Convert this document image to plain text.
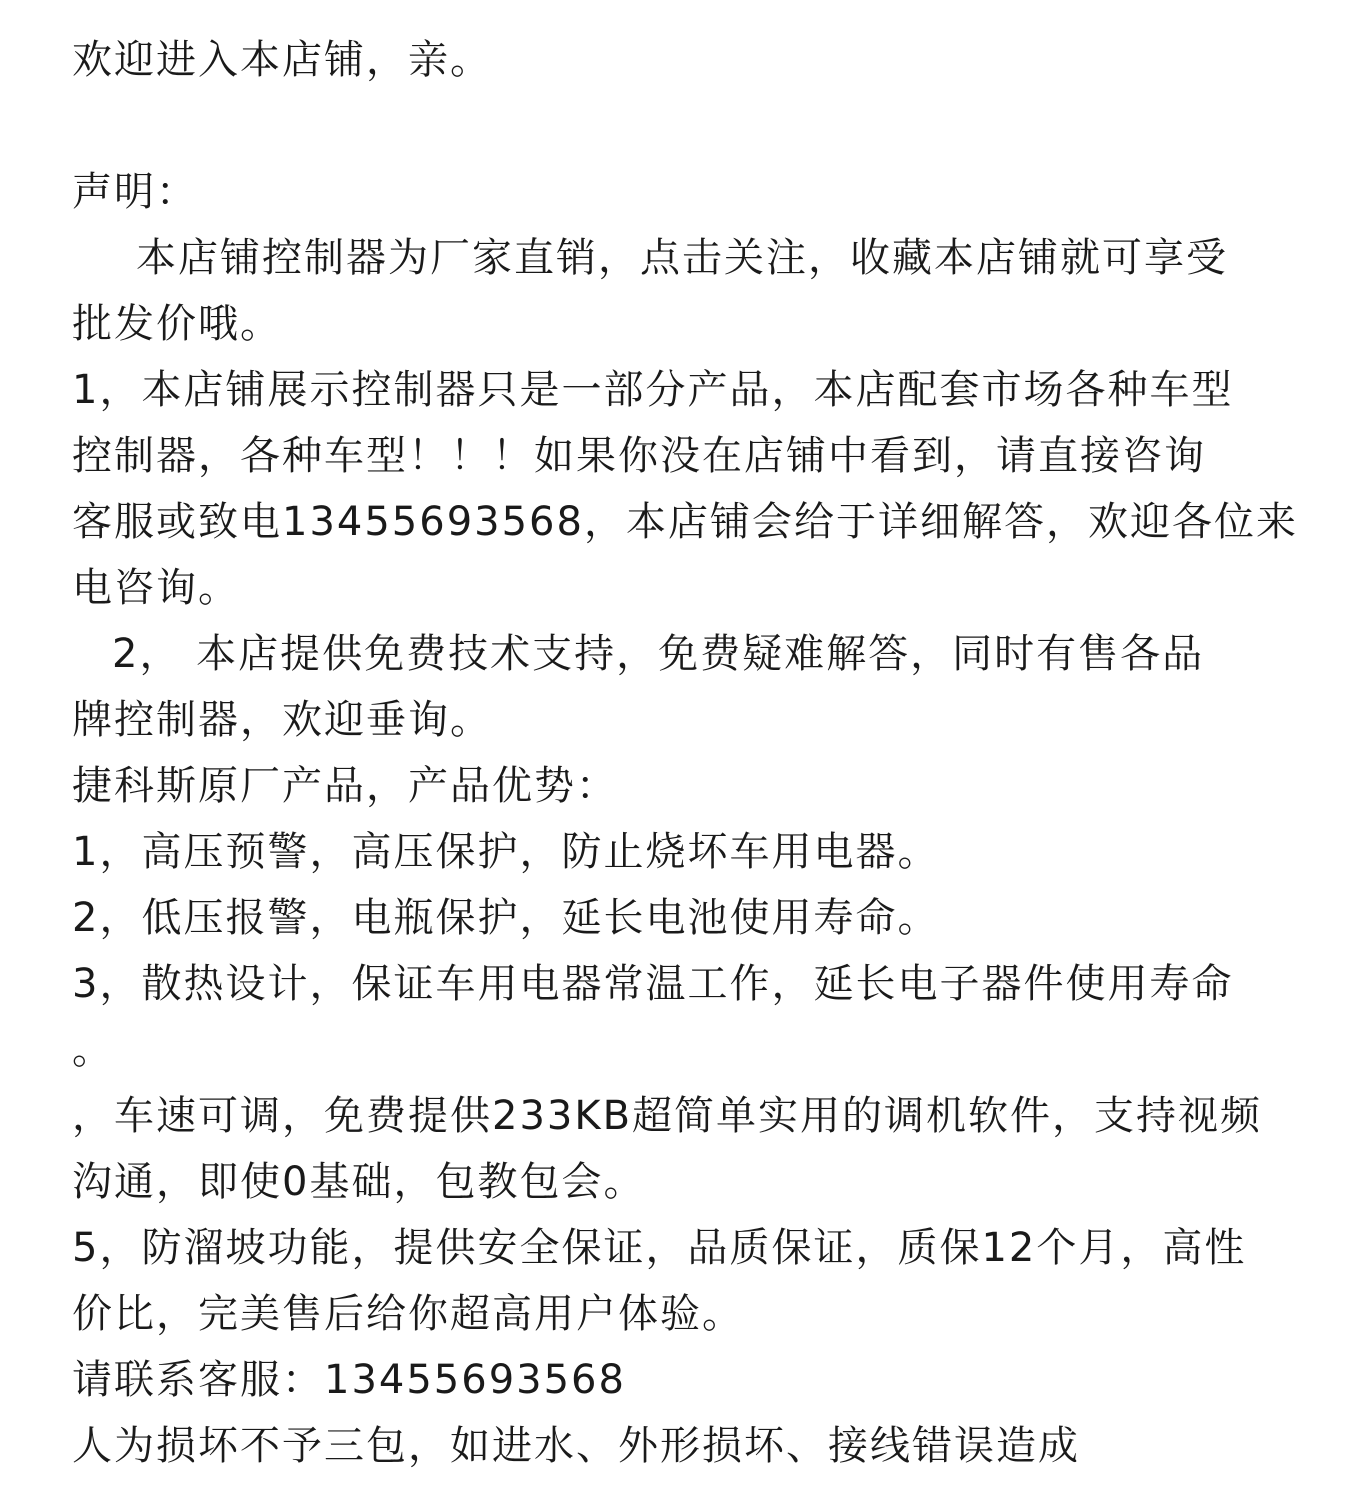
欢迎进入本店铺，亲。
声明：
本店铺控制器为厂家直销，点击关注，收藏本店铺就可享受
批发价哦。
1，本店铺展示控制器只是一部分产品，本店配套市场各种车型
控制器，各种车型！！！如果你没在店铺中看到，请直接咨询
客服或致电13455693568，本店铺会给于详细解答，欢迎各位来
电咨询。
2， 本店提供免费技术支持，免费疑难解答，同时有售各品
牌控制器，欢迎垂询。
捷科斯原厂产品，产品优势：
1，高压预警，高压保护，防止烧坏车用电器。
2，低压报警，电瓶保护，延长电池使用寿命。
3，散热设计，保证车用电器常温工作，延长电子器件使用寿命
。
，车速可调，免费提供233KB超简单实用的调机软件，支持视频
沟通，即使0基础，包教包会。
5，防溜坡功能，提供安全保证，品质保证，质保12个月，高性
价比，完美售后给你超高用户体验。
请联系客服：13455693568
人为损坏不予三包，如进水、外形损坏、接线错误造成
